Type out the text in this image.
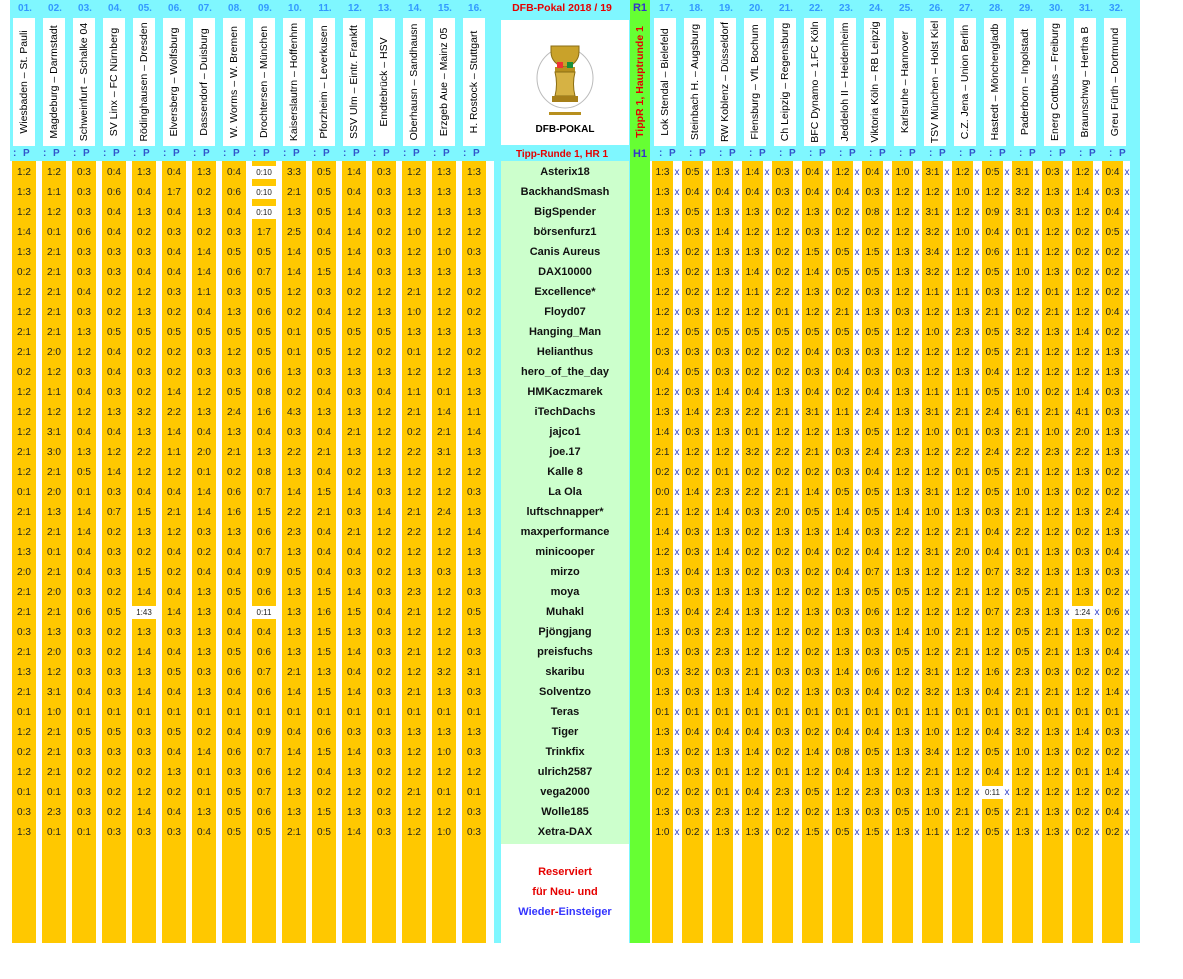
01.
Wiesbaden – St. Pauli
02.
Magdeburg – Darmstadt
03.
Schweinfurt – Schalke 04
04.
SV Linx – FC Nürnberg
05.
Rödinghausen – Dresden
06.
Elversberg – Wolfsburg
07.
Dassendorf – Duisburg
08.
W. Worms – W. Bremen
09.
Drochtersen – München
10.
Kaiserslautrn – Hoffenhm
11.
Pforzheim – Leverkusen
12.
SSV Ulm – Eintr. Frankft
13.
Emdtebrück – HSV
14.
Oberhausn – Sandhausn
15.
Erzgeb Aue – Mainz 05
16.
H. Rostock – Stuttgart
17.
Lok Stendal – Bielefeld
18.
Steinbach H. – Augsburg
19.
RW Koblenz – Düsseldorf
20.
Flensburg – VfL Bochum
21.
Ch Leipzig – Regensburg
22.
BFC Dynamo – 1.FC Köln
23.
Jeddeloh II – Heidenheim
24.
Viktoria Köln – RB Leipzig
25.
Karlsruhe – Hannover
26.
TSV München – Holst Kiel
27.
C.Z. Jena – Union Berlin
28.
Hastedt – Mönchengladb
29.
Paderborn – Ingolstadt
30.
Energ Cottbus – Freiburg
31.
Braunschwg – Hertha B
32.
Greu Fürth – Dortmund
DFB-Pokal 2018 / 19
DFB-POKAL
R1
H1
TippR 1, Hauptrunde 1
Tipp-Runde 1, HR 1
1:2
1:3
1:2
1:4
1:3
0:2
1:2
1:2
2:1
2:1
0:2
1:2
1:2
1:2
2:1
1:2
0:1
2:1
1:2
1:3
2:0
2:1
2:1
0:3
2:1
1:3
2:1
0:1
1:2
0:2
1:2
0:1
0:3
1:3
1:2
1:1
1:2
0:1
2:1
2:1
2:1
2:1
2:1
2:0
1:2
1:1
1:2
3:1
3:0
2:1
2:0
1:3
2:1
0:1
2:1
2:0
2:1
1:3
2:0
1:2
3:1
1:0
2:1
2:1
2:1
0:1
2:3
0:1
0:3
0:3
0:3
0:6
0:3
0:3
0:4
0:3
1:3
1:2
0:3
0:4
1:2
0:4
1:3
0:5
0:1
1:4
1:4
0:4
0:4
0:3
0:6
0:3
0:3
0:3
0:4
0:1
0:5
0:3
0:2
0:3
0:3
0:1
0:4
0:6
0:4
0:4
0:3
0:3
0:2
0:2
0:5
0:4
0:4
0:3
1:3
0:4
1:2
1:4
0:3
0:7
0:2
0:3
0:3
0:2
0:5
0:2
0:2
0:3
0:3
0:1
0:5
0:3
0:2
0:2
0:2
0:3
1:3
0:4
1:3
0:2
0:3
0:4
1:2
1:3
0:5
0:2
0:3
0:2
3:2
1:3
2:2
1:2
0:4
1:5
1:3
0:2
1:5
1:4
1:43
1:3
1:4
1:3
1:4
0:1
0:3
0:3
0:2
1:2
1:4
0:3
0:4
1:7
0:4
0:3
0:4
0:4
0:3
0:2
0:5
0:2
0:2
1:4
2:2
1:4
1:1
1:2
0:4
2:1
1:2
0:4
0:2
0:4
1:4
0:3
0:4
0:5
0:4
0:1
0:5
0:4
1:3
0:2
0:4
0:3
1:3
0:2
1:3
0:2
1:4
1:4
1:1
0:4
0:5
0:3
0:3
1:2
1:3
0:4
2:0
0:1
1:4
1:4
0:3
0:2
0:4
1:3
1:3
1:3
1:3
0:3
1:3
0:1
0:2
1:4
0:1
0:1
1:3
0:4
0:4
0:6
0:4
0:3
0:5
0:6
0:3
1:3
0:5
1:2
0:3
0:5
2:4
1:3
2:1
0:2
0:6
1:6
1:3
0:4
0:4
0:5
0:4
0:4
0:5
0:6
0:4
0:1
0:4
0:6
0:3
0:5
0:5
0:5
0:10
0:10
0:10
1:7
0:5
0:7
0:5
0:6
0:5
0:5
0:6
0:8
1:6
0:4
1:3
0:8
0:7
1:5
0:6
0:7
0:9
0:6
0:11
0:4
0:6
0:7
0:6
0:1
0:9
0:7
0:6
0:7
0:6
0:5
3:3
2:1
1:3
2:5
1:4
1:4
1:2
0:2
0:1
0:1
1:3
0:2
4:3
0:3
2:2
1:3
1:4
2:2
2:3
1:3
0:5
1:3
1:3
1:3
1:3
2:1
1:4
0:1
0:4
1:4
1:2
1:3
1:3
2:1
0:5
0:5
0:5
0:4
0:5
1:5
0:3
0:4
0:5
0:5
0:3
0:4
1:3
0:4
2:1
0:4
1:5
2:1
0:4
0:4
0:4
1:5
1:6
1:5
1:5
1:3
1:5
0:1
0:6
1:5
0:4
0:2
1:5
0:5
1:4
0:4
1:4
1:4
1:4
1:4
0:2
1:2
0:5
1:2
1:3
0:3
1:3
2:1
1:3
0:2
1:4
0:3
2:1
0:4
0:3
1:4
1:5
1:3
1:4
0:4
1:4
0:1
0:3
1:4
1:3
1:2
1:3
1:4
0:3
0:3
0:3
0:2
0:3
0:3
1:2
1:3
0:5
0:2
1:3
0:4
1:2
1:2
1:2
1:3
0:3
1:4
1:2
0:2
0:2
0:3
0:4
0:3
0:3
0:2
0:3
0:1
0:3
0:3
0:2
0:2
0:3
0:3
1:2
1:3
1:2
1:0
1:2
1:3
2:1
1:0
1:3
0:1
1:2
1:1
2:1
0:2
2:2
1:2
1:2
2:1
2:2
1:2
1:3
2:3
2:1
1:2
2:1
1:2
2:1
0:1
1:3
1:2
1:2
2:1
1:2
1:2
1:3
1:3
1:3
1:2
1:0
1:3
1:2
1:2
1:3
1:2
1:2
0:1
1:4
2:1
3:1
1:2
1:2
2:4
1:2
1:2
0:3
1:2
1:2
1:2
1:2
3:2
1:3
0:1
1:3
1:0
1:2
0:1
1:2
1:0
1:3
1:3
1:3
1:2
0:3
1:3
0:2
0:2
1:3
0:2
1:3
1:3
1:1
1:4
1:3
1:2
0:3
1:3
1:4
1:3
1:3
0:3
0:5
1:3
0:3
3:1
0:3
0:1
1:3
0:3
1:2
0:1
0:3
0:3
1:3
1:3
1:3
1:3
1:3
1:3
1:2
1:2
1:2
0:3
0:4
1:2
1:3
1:4
2:1
0:2
0:0
2:1
1:4
1:2
1:3
1:3
1:3
1:3
1:3
0:3
1:3
0:1
1:3
1:3
1:2
0:2
1:3
1:0
0:5
0:4
0:5
0:3
0:2
0:2
0:2
0:3
0:5
0:3
0:5
0:3
1:4
0:3
1:2
0:2
1:4
1:2
0:3
0:3
0:4
0:3
0:4
0:3
0:3
3:2
0:3
0:1
0:4
0:2
0:3
0:2
0:3
0:2
1:3
0:4
1:3
1:4
1:3
1:3
1:2
1:2
0:5
0:3
0:3
1:4
2:3
1:3
1:2
0:1
2:3
1:4
1:3
1:4
1:3
1:3
2:4
2:3
2:3
0:3
1:3
0:1
0:4
1:3
0:1
0:1
2:3
1:3
1:4
0:4
1:3
1:2
1:3
1:4
1:1
1:2
0:5
0:2
0:2
0:4
2:2
0:1
3:2
0:2
2:2
0:3
0:2
0:2
0:2
1:3
1:3
1:2
1:2
2:1
1:4
0:1
0:4
1:4
1:2
0:4
1:2
1:3
0:3
0:3
0:2
1:2
0:2
0:2
2:2
0:1
0:5
0:2
0:2
1:3
2:1
1:2
2:2
0:2
2:1
2:0
1:3
0:2
0:3
1:2
1:2
1:2
1:2
0:3
0:2
0:1
0:3
0:2
0:1
2:3
1:2
0:2
0:4
0:4
1:3
0:3
1:5
1:4
1:3
1:2
0:5
0:4
0:3
0:4
3:1
1:2
2:1
0:2
1:4
0:5
1:3
0:4
0:2
0:2
1:3
0:2
0:2
0:3
1:3
0:1
0:2
1:4
1:2
0:5
0:2
1:5
1:2
0:4
0:2
1:2
0:5
0:5
0:2
2:1
0:5
0:3
0:4
0:2
1:1
1:3
0:3
0:3
0:5
1:4
1:4
0:2
0:4
1:3
0:3
1:3
1:3
1:4
0:3
0:1
0:4
0:8
0:4
1:2
1:3
0:5
0:4
0:3
0:8
0:2
1:5
0:5
0:3
1:3
0:5
0:3
0:3
0:4
2:4
0:5
2:4
0:4
0:5
0:5
0:3
0:4
0:7
0:5
0:6
0:3
0:3
0:6
0:4
0:1
0:4
0:5
1:3
2:3
0:3
1:5
1:0
1:2
1:2
1:2
1:3
1:3
1:2
0:3
1:2
1:2
0:3
1:3
1:3
1:2
2:3
1:2
1:3
1:4
2:2
1:2
1:3
0:5
1:2
1:4
0:5
1:2
0:2
0:1
1:3
1:3
1:2
0:3
0:5
1:3
3:1
1:2
3:1
3:2
3:4
3:2
1:1
1:2
1:0
1:2
1:2
1:1
3:1
1:0
1:2
1:2
3:1
1:0
1:2
3:1
1:2
1:2
1:2
1:0
1:2
3:1
3:2
1:1
1:0
3:4
2:1
1:3
1:0
1:1
1:2
1:0
1:2
1:0
1:2
1:2
1:1
1:3
2:3
1:2
1:3
1:1
2:1
0:1
2:2
0:1
1:2
1:3
2:1
2:0
1:2
2:1
1:2
2:1
2:1
1:2
1:3
0:1
1:2
1:2
1:2
1:2
2:1
1:2
0:5
1:2
0:9
0:4
0:6
0:5
0:3
2:1
0:5
0:5
0:4
0:5
2:4
0:3
2:4
0:5
0:5
0:3
0:4
0:4
0:7
1:2
0:7
1:2
1:2
1:6
0:4
0:1
0:4
0:5
0:4
0:11
0:5
0:5
3:1
3:2
3:1
0:1
1:1
1:0
1:2
0:2
3:2
2:1
1:2
1:0
6:1
2:1
2:2
2:1
1:0
2:1
2:2
0:1
3:2
0:5
2:3
0:5
0:5
2:3
2:1
0:1
3:2
1:0
1:2
1:2
2:1
1:3
0:3
1:3
0:3
1:2
1:2
1:3
0:1
2:1
1:3
1:2
1:2
0:2
2:1
1:0
2:3
1:2
1:3
1:2
1:2
1:3
1:3
2:1
1:3
2:1
2:1
0:3
2:1
0:1
1:3
1:3
1:2
1:2
1:3
1:3
1:2
1:4
1:2
0:2
0:2
0:2
1:2
1:2
1:4
1:2
1:2
1:4
4:1
2:0
2:2
1:3
0:2
1:3
0:2
0:3
1:3
1:3
1:24
1:3
1:3
0:2
1:2
0:1
1:4
0:2
0:1
1:2
0:2
0:2
0:4
0:3
0:4
0:5
0:2
0:2
0:2
0:4
0:2
1:3
1:3
0:3
0:3
1:3
1:3
0:2
0:2
2:4
1:3
0:4
0:3
0:2
0:6
0:2
0:4
0:2
1:4
0:1
0:3
0:2
1:4
0:2
0:4
0:2
Asterix18
BackhandSmash
BigSpender
börsenfurz1
Canis Aureus
DAX10000
Excellence*
Floyd07
Hanging_Man
Helianthus
hero_of_the_day
HMKaczmarek
iTechDachs
jajco1
joe.17
Kalle 8
La Ola
luftschnapper*
maxperformance
minicooper
mirzo
moya
Muhakl
Pjöngjang
preisfuchs
skaribu
Solventzo
Teras
Tiger
Trinkfix
ulrich2587
vega2000
Wolle185
Xetra-DAX
Reserviert
für Neu- und
Wieder-Einsteiger
: P : P : P : P : P : P : P : P : P : P : P : P : P : P : P : P	: P
x
x
x
x
x
x
x
x
x
x
x
x
x
x
x
x
x
x
x
x
x
x
x
x
x
x
x
x
x
x
x
x
x
x
: P
x
x
x
x
x
x
x
x
x
x
x
x
x
x
x
x
x
x
x
x
x
x
x
x
x
x
x
x
x
x
x
x
x
x
: P
x
x
x
x
x
x
x
x
x
x
x
x
x
x
x
x
x
x
x
x
x
x
x
x
x
x
x
x
x
x
x
x
x
x
: P
x
x
x
x
x
x
x
x
x
x
x
x
x
x
x
x
x
x
x
x
x
x
x
x
x
x
x
x
x
x
x
x
x
x
: P
x
x
x
x
x
x
x
x
x
x
x
x
x
x
x
x
x
x
x
x
x
x
x
x
x
x
x
x
x
x
x
x
x
x
: P
x
x
x
x
x
x
x
x
x
x
x
x
x
x
x
x
x
x
x
x
x
x
x
x
x
x
x
x
x
x
x
x
x
x
: P
x
x
x
x
x
x
x
x
x
x
x
x
x
x
x
x
x
x
x
x
x
x
x
x
x
x
x
x
x
x
x
x
x
x
: P
x
x
x
x
x
x
x
x
x
x
x
x
x
x
x
x
x
x
x
x
x
x
x
x
x
x
x
x
x
x
x
x
x
x
: P
x
x
x
x
x
x
x
x
x
x
x
x
x
x
x
x
x
x
x
x
x
x
x
x
x
x
x
x
x
x
x
x
x
x
: P
x
x
x
x
x
x
x
x
x
x
x
x
x
x
x
x
x
x
x
x
x
x
x
x
x
x
x
x
x
x
x
x
x
x
: P
x
x
x
x
x
x
x
x
x
x
x
x
x
x
x
x
x
x
x
x
x
x
x
x
x
x
x
x
x
x
x
x
x
x
: P
x
x
x
x
x
x
x
x
x
x
x
x
x
x
x
x
x
x
x
x
x
x
x
x
x
x
x
x
x
x
x
x
x
x
: P
x
x
x
x
x
x
x
x
x
x
x
x
x
x
x
x
x
x
x
x
x
x
x
x
x
x
x
x
x
x
x
x
x
x
: P
x
x
x
x
x
x
x
x
x
x
x
x
x
x
x
x
x
x
x
x
x
x
x
x
x
x
x
x
x
x
x
x
x
x
: P
x
x
x
x
x
x
x
x
x
x
x
x
x
x
x
x
x
x
x
x
x
x
x
x
x
x
x
x
x
x
x
x
x
x
: P
x
x
x
x
x
x
x
x
x
x
x
x
x
x
x
x
x
x
x
x
x
x
x
x
x
x
x
x
x
x
x
x
x
x
